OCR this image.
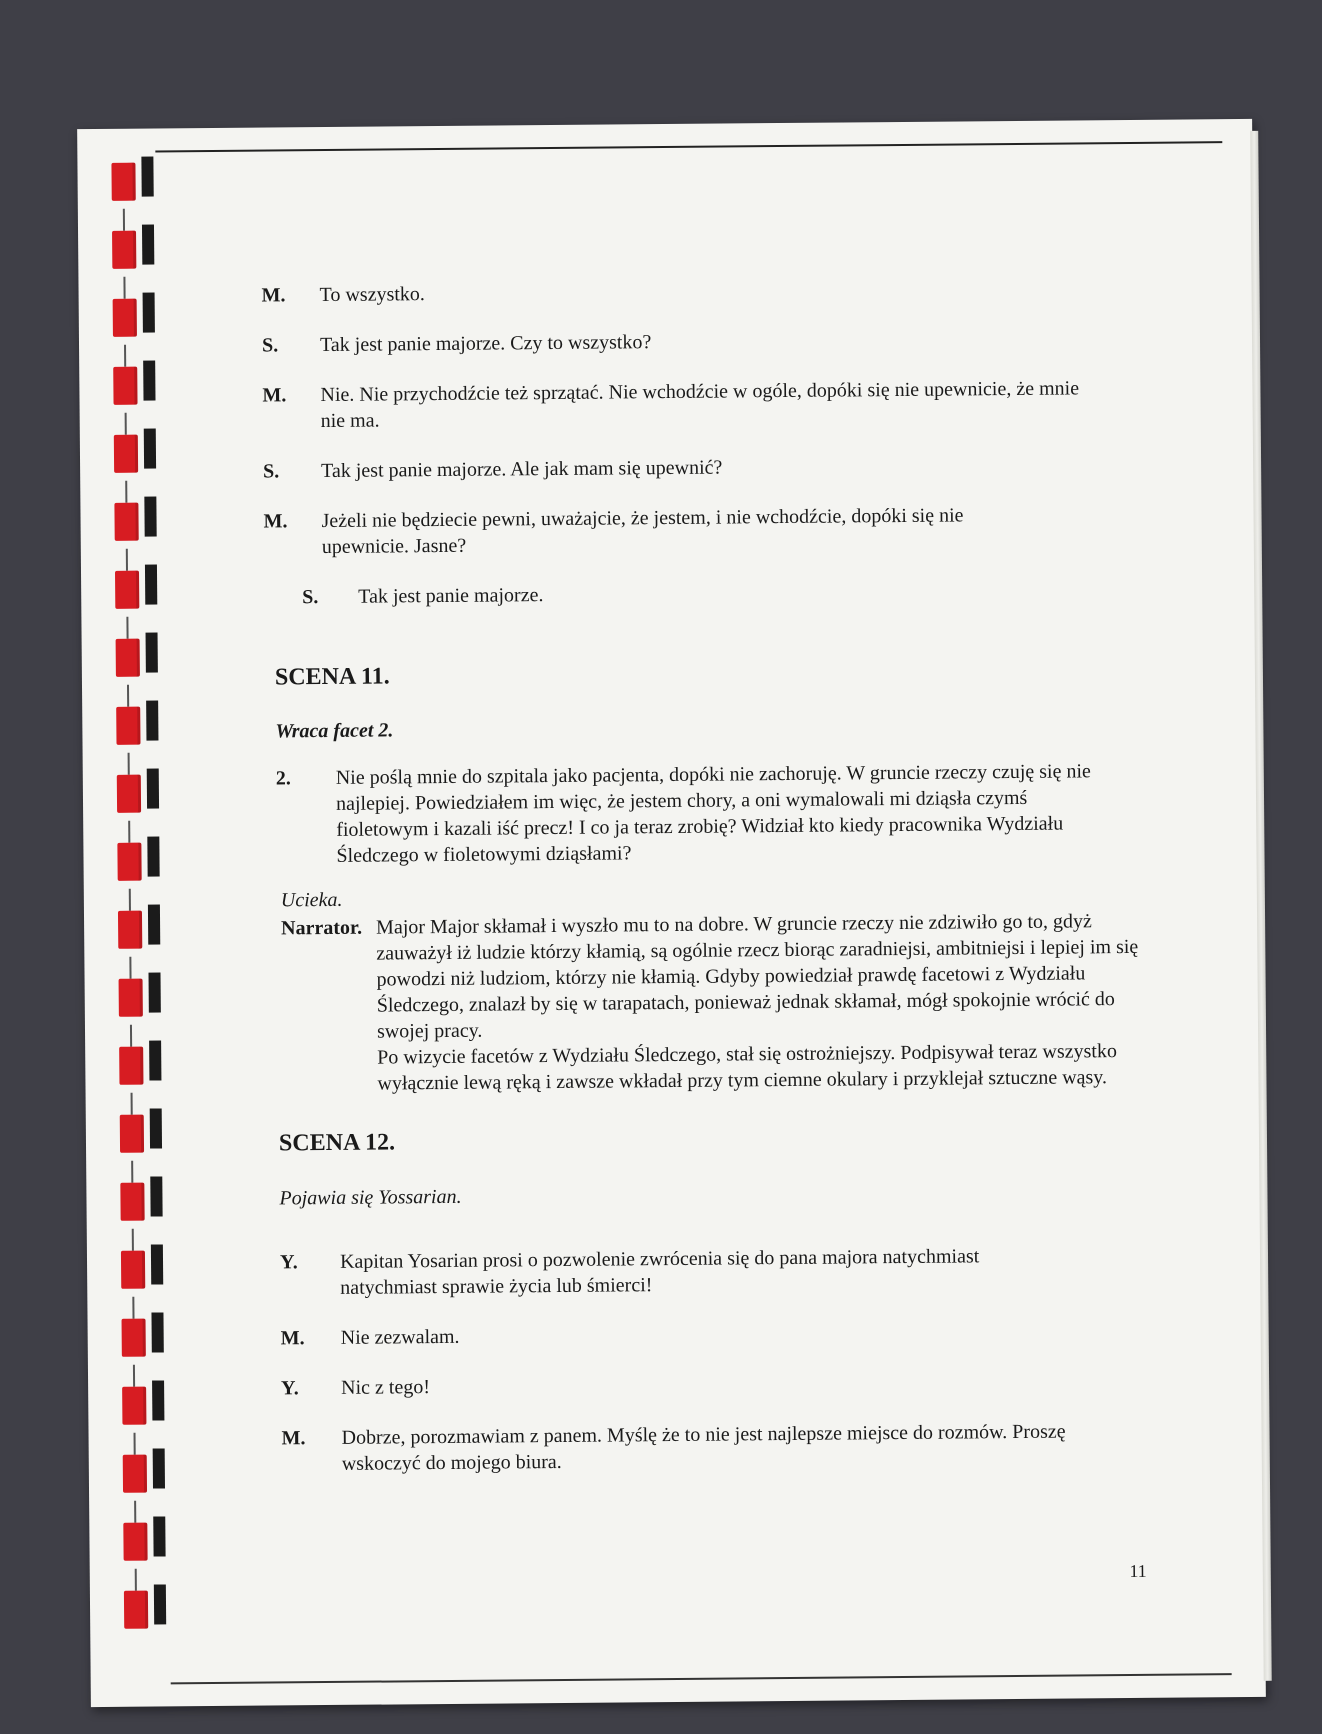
M. To wszystko.
S. Tak jest panie majorze. Czy to wszystko?
M. Nie. Nie przychodźcie też sprzątać. Nie wchodźcie w ogóle, dopóki się nie upewnicie, że mnie nie ma.
S. Tak jest panie majorze. Ale jak mam się upewnić?
M. Jeżeli nie będziecie pewni, uważajcie, że jestem, i nie wchodźcie, dopóki się nie upewnicie. Jasne?
S. Tak jest panie majorze.
SCENA 11.
Wraca facet 2.
2. Nie poślą mnie do szpitala jako pacjenta, dopóki nie zachoruję. W gruncie rzeczy czuję się nie najlepiej. Powiedziałem im więc, że jestem chory, a oni wymalowali mi dziąsła czymś fioletowym i kazali iść precz! I co ja teraz zrobię? Widział kto kiedy pracownika Wydziału Śledczego w fioletowymi dziąsłami?
Ucieka.
Narrator. Major Major skłamał i wyszło mu to na dobre. W gruncie rzeczy nie zdziwiło go to, gdyż zauważył iż ludzie którzy kłamią, są ogólnie rzecz biorąc zaradniejsi, ambitniejsi i lepiej im się powodzi niż ludziom, którzy nie kłamią. Gdyby powiedział prawdę facetowi z Wydziału Śledczego, znalazł by się w tarapatach, ponieważ jednak skłamał, mógł spokojnie wrócić do swojej pracy.
Po wizycie facetów z Wydziału Śledczego, stał się ostrożniejszy. Podpisywał teraz wszystko wyłącznie lewą ręką i zawsze wkładał przy tym ciemne okulary i przyklejał sztuczne wąsy.
SCENA 12.
Pojawia się Yossarian.
Y. Kapitan Yosarian prosi o pozwolenie zwrócenia się do pana majora natychmiast natychmiast sprawie życia lub śmierci!
M. Nie zezwalam.
Y. Nic z tego!
M. Dobrze, porozmawiam z panem. Myślę że to nie jest najlepsze miejsce do rozmów. Proszę wskoczyć do mojego biura.
11
